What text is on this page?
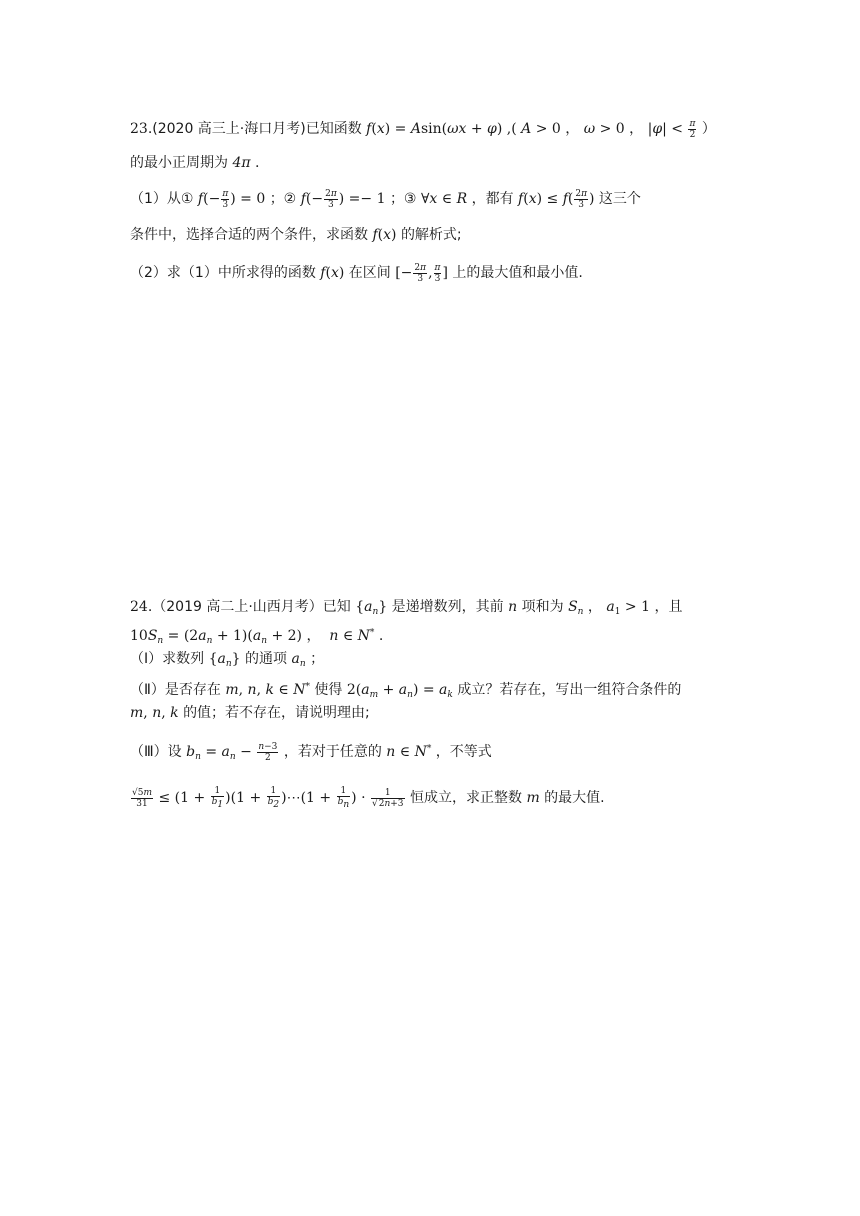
23.(2020 高三上·海口月考)已知函数 f(x) = Asin(ωx + φ) ,( A > 0 ， ω > 0 ， $|\varphi| < \frac{\pi}{2}$ ）
的最小正周期为 4π .
（1）从① $f(- \frac{\pi}{3}$ ) = 0 ；② $f(- \frac{2\pi}{3}$ ) =− 1 ；③ ∀x ∈ R ，都有 $f(x) \le f( \frac{2\pi}{3}$ ) 这三个
条件中，选择合适的两个条件，求函数 f(x) 的解析式;
（2）求（1）中所求得的函数 f(x) 在区间 [− $\frac{2\pi}{3}$ , $\frac{\pi}{3}$ ] 上的最大值和最小值.
24.（2019 高二上·山西月考）已知 $\{a_n\}$ 是递增数列，其前 n 项和为 $S_n$ ， $a_1 > 1$ ，且
$10S_n = (2a_n + 1)(a_n + 2)$ ，  n ∈ N* .
（Ⅰ）求数列 $\{a_n\}$ 的通项 $a_n$ ；
（Ⅱ）是否存在 m, n, k ∈ N* 使得 $2(a_m + a_n) = a_k$ 成立？若存在，写出一组符合条件的
m, n, k 的值；若不存在，请说明理由;
（Ⅲ）设 $b_n = a_n - \frac{n-3}{2}$ ，若对于任意的 n ∈ N* ，不等式
$\frac{√5m}{31} \le (1 + \frac{1}{b_1} )(1 + \frac{1}{b_2}$ )⋯(1 + $\frac{1}{b_n}$ ) · $\frac{1}{√2n+3}$ 恒成立，求正整数 m 的最大值.
